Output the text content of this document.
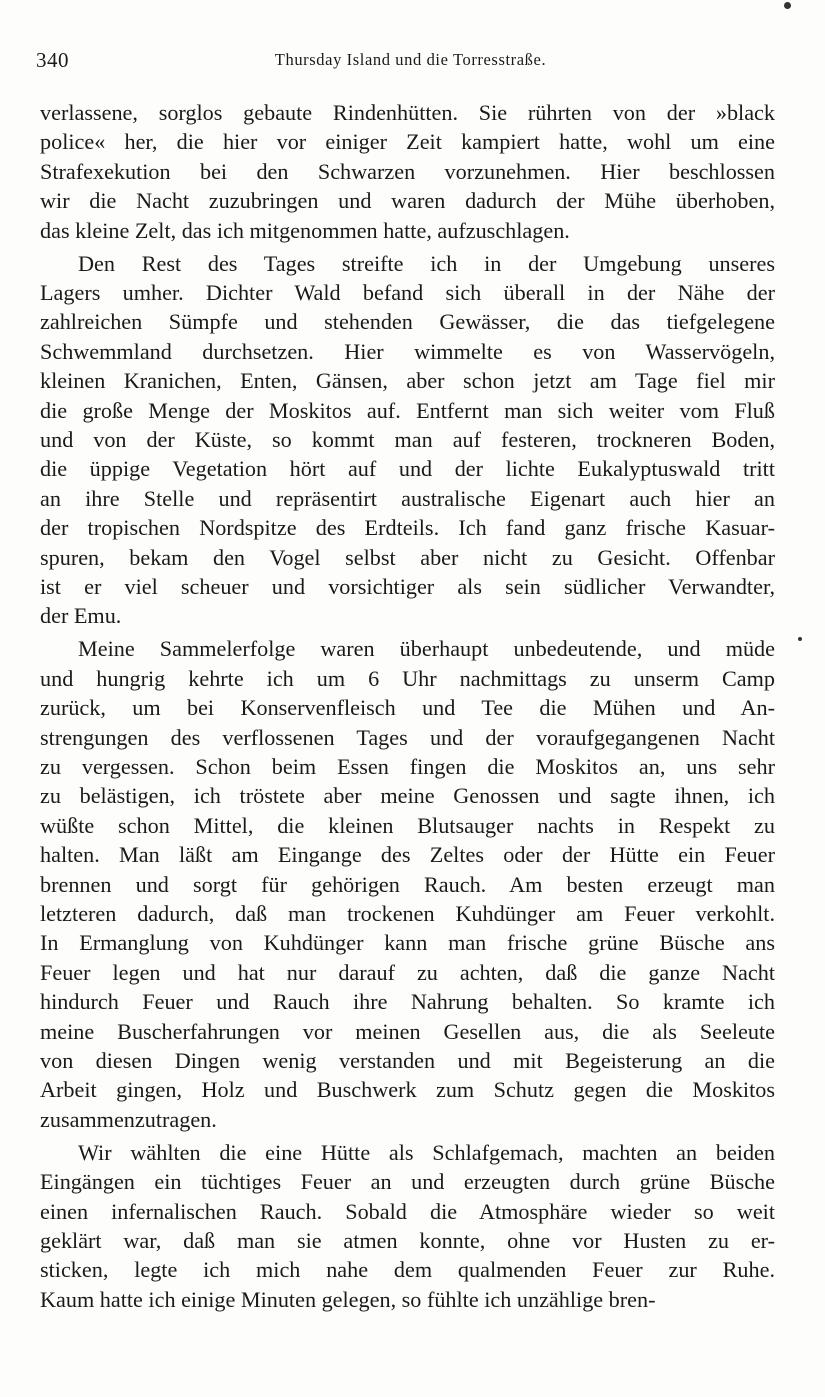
340	Thursday Island und die Torresstraße.

verlassene, sorglos gebaute Rindenhütten. Sie rührten von der »black
police« her, die hier vor einiger Zeit kampiert hatte, wohl um eine
Strafexekution bei den Schwarzen vorzunehmen. Hier beschlossen
wir die Nacht zuzubringen und waren dadurch der Mühe überhoben,
das kleine Zelt, das ich mitgenommen hatte, aufzuschlagen.

Den Rest des Tages streifte ich in der Umgebung unseres
Lagers umher. Dichter Wald befand sich überall in der Nähe der
zahlreichen Sümpfe und stehenden Gewässer, die das tiefgelegene
Schwemmland durchsetzen. Hier wimmelte es von Wasservögeln,
kleinen Kranichen, Enten, Gänsen, aber schon jetzt am Tage fiel mir
die große Menge der Moskitos auf. Entfernt man sich weiter vom Fluß
und von der Küste, so kommt man auf festeren, trockneren Boden,
die üppige Vegetation hört auf und der lichte Eukalyptuswald tritt
an ihre Stelle und repräsentirt australische Eigenart auch hier an
der tropischen Nordspitze des Erdteils. Ich fand ganz frische Kasuar-
spuren, bekam den Vogel selbst aber nicht zu Gesicht. Offenbar
ist er viel scheuer und vorsichtiger als sein südlicher Verwandter,
der Emu.

Meine Sammelerfolge waren überhaupt unbedeutende, und müde
und hungrig kehrte ich um 6 Uhr nachmittags zu unserm Camp
zurück, um bei Konservenfleisch und Tee die Mühen und An-
strengungen des verflossenen Tages und der voraufgegangenen Nacht
zu vergessen. Schon beim Essen fingen die Moskitos an, uns sehr
zu belästigen, ich tröstete aber meine Genossen und sagte ihnen, ich
wüßte schon Mittel, die kleinen Blutsauger nachts in Respekt zu
halten. Man läßt am Eingange des Zeltes oder der Hütte ein Feuer
brennen und sorgt für gehörigen Rauch. Am besten erzeugt man
letzteren dadurch, daß man trockenen Kuhdünger am Feuer verkohlt.
In Ermanglung von Kuhdünger kann man frische grüne Büsche ans
Feuer legen und hat nur darauf zu achten, daß die ganze Nacht
hindurch Feuer und Rauch ihre Nahrung behalten. So kramte ich
meine Buscherfahrungen vor meinen Gesellen aus, die als Seeleute
von diesen Dingen wenig verstanden und mit Begeisterung an die
Arbeit gingen, Holz und Buschwerk zum Schutz gegen die Moskitos
zusammenzutragen.

Wir wählten die eine Hütte als Schlafgemach, machten an beiden
Eingängen ein tüchtiges Feuer an und erzeugten durch grüne Büsche
einen infernalischen Rauch. Sobald die Atmosphäre wieder so weit
geklärt war, daß man sie atmen konnte, ohne vor Husten zu er-
sticken, legte ich mich nahe dem qualmenden Feuer zur Ruhe.
Kaum hatte ich einige Minuten gelegen, so fühlte ich unzählige bren-
